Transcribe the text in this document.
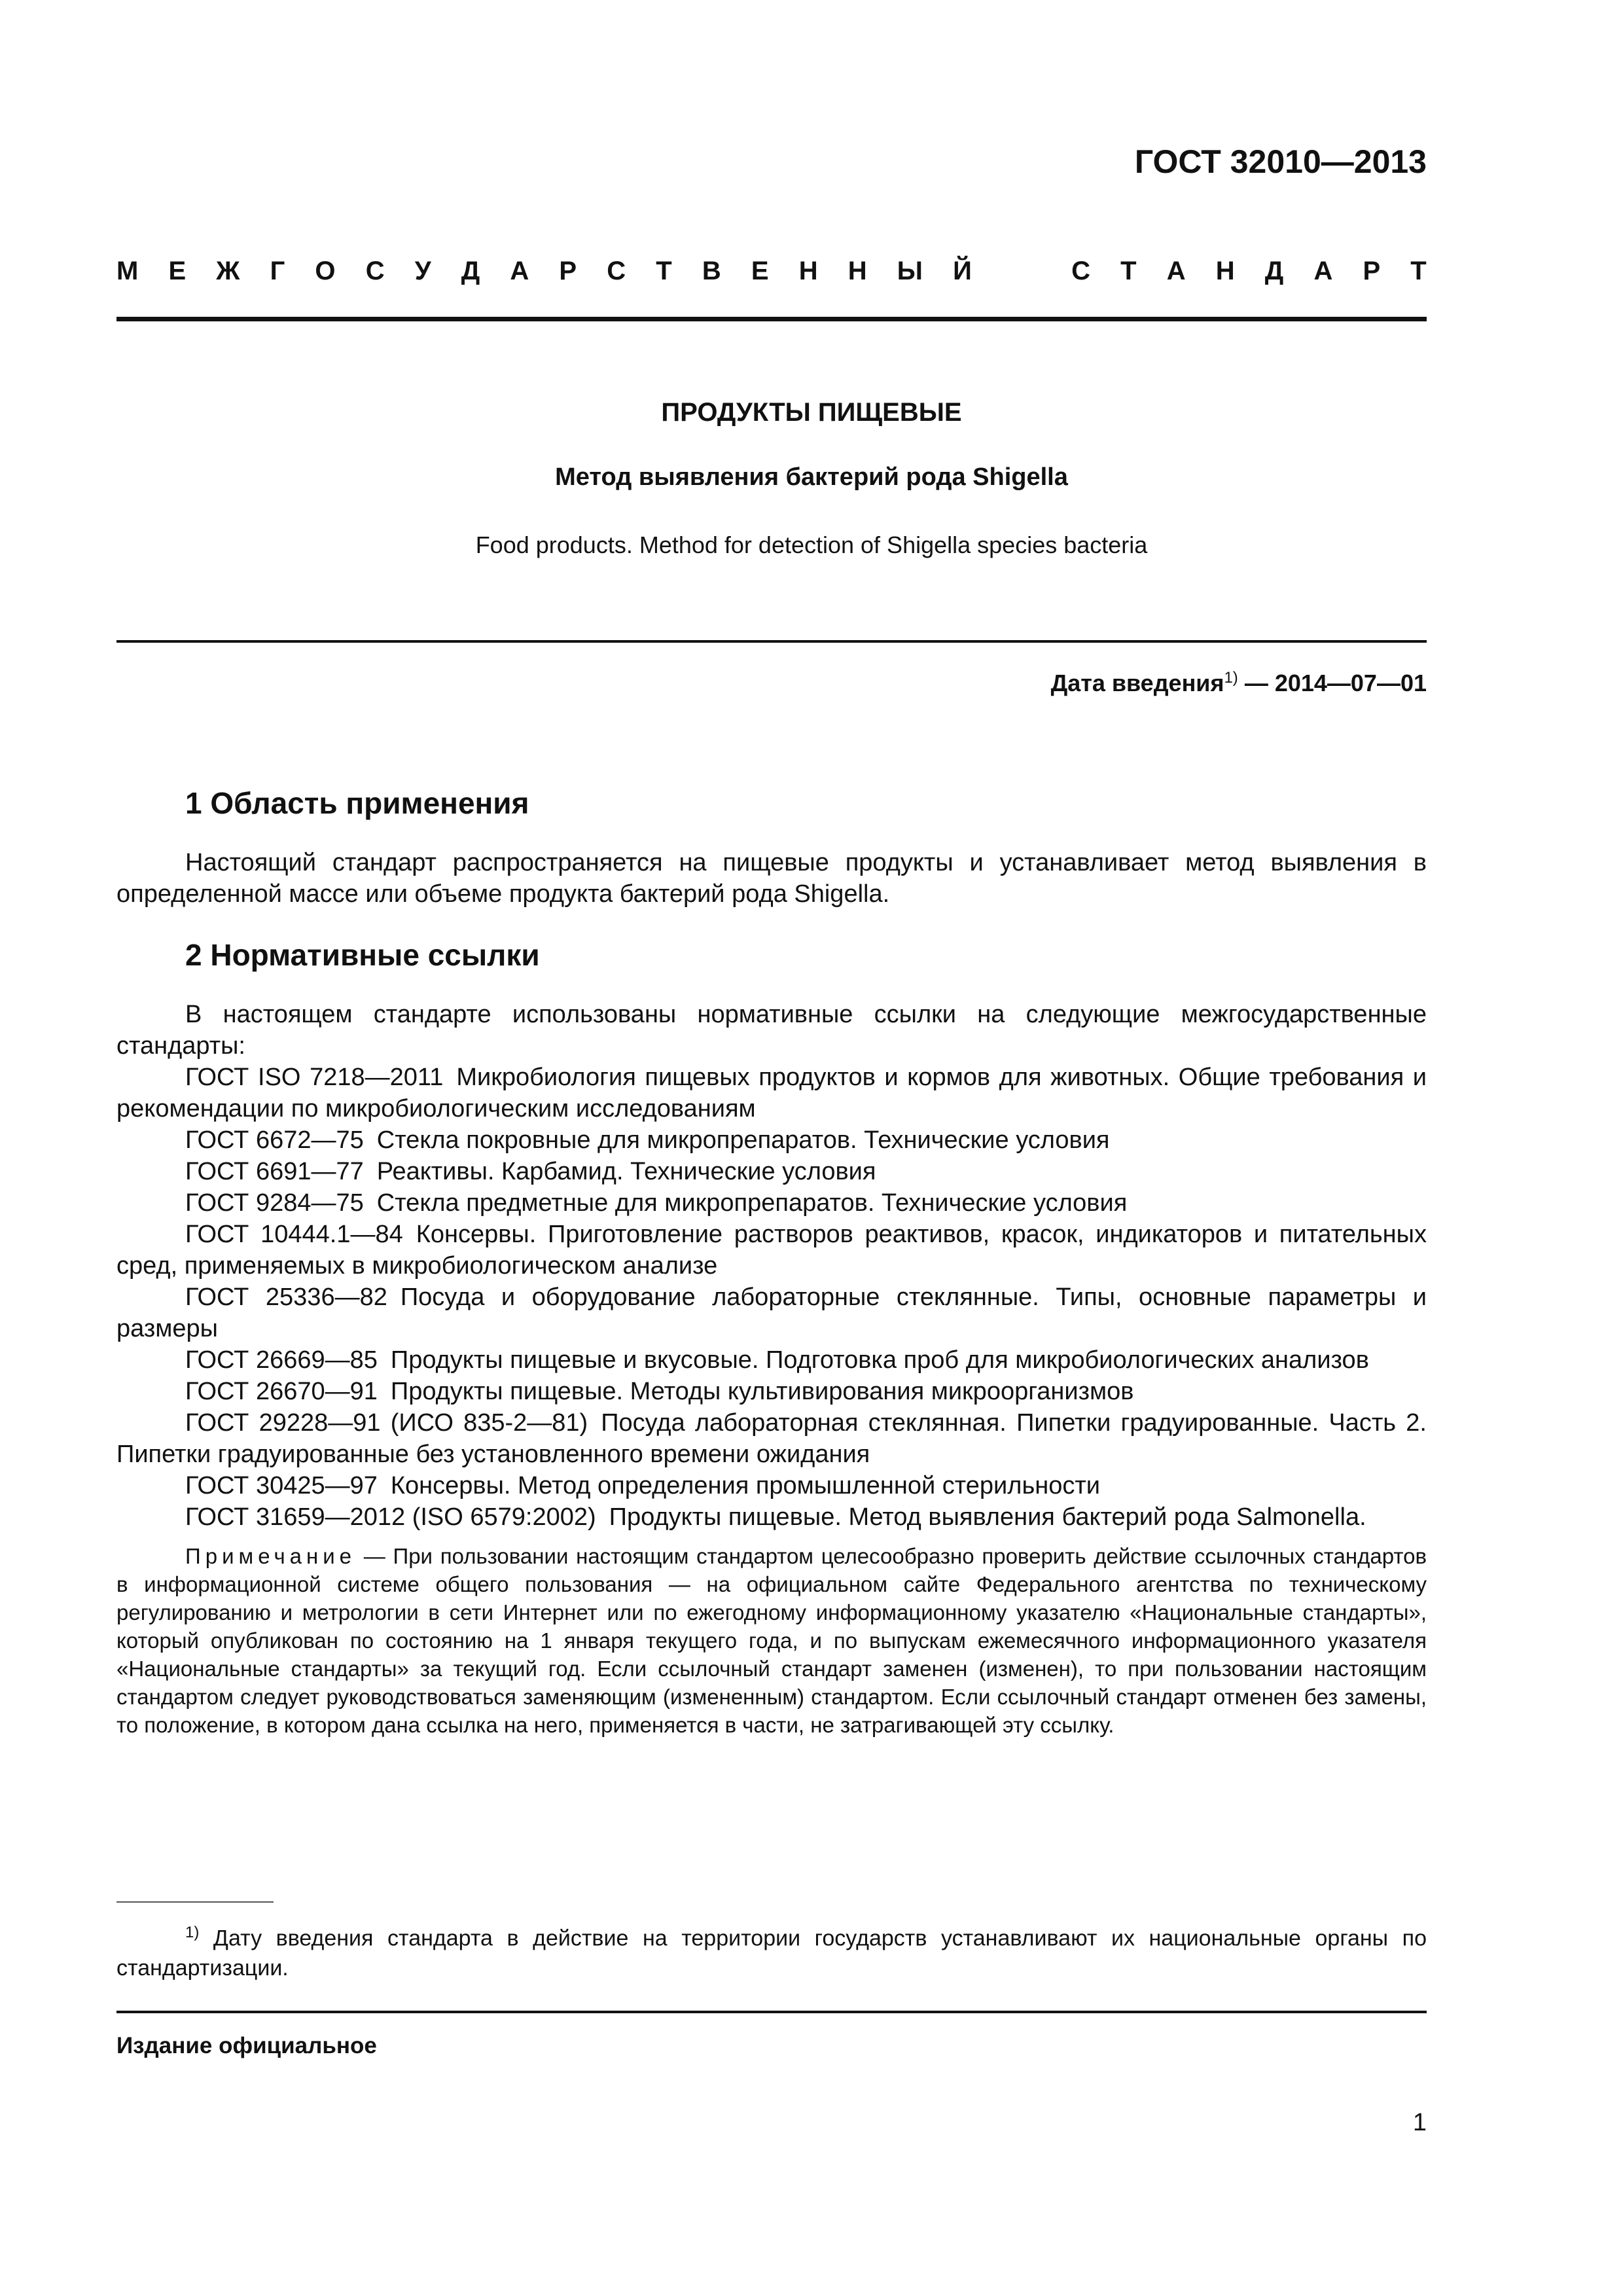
ГОСТ 32010—2013

М Е Ж Г О С У Д А Р С Т В Е Н Н Ы Й	С Т А Н Д А Р Т

ПРОДУКТЫ ПИЩЕВЫЕ

Метод выявления бактерий рода Shigella

Food products. Method for detection of Shigella species bacteria

Дата введения$^{1)}$ — 2014—07—01
1 Область применения

Настоящий стандарт распространяется на пищевые продукты и устанавливает метод выявления в определенной массе или объеме продукта бактерий рода Shigella.

2 Нормативные ссылки

В настоящем стандарте использованы нормативные ссылки на следующие межгосударственные стандарты:

ГОСТ ISO 7218—2011 Микробиология пищевых продуктов и кормов для животных. Общие требования и рекомендации по микробиологическим исследованиям

ГОСТ 6672—75 Стекла покровные для микропрепаратов. Технические условия

ГОСТ 6691—77 Реактивы. Карбамид. Технические условия

ГОСТ 9284—75 Стекла предметные для микропрепаратов. Технические условия

ГОСТ 10444.1—84 Консервы. Приготовление растворов реактивов, красок, индикаторов и питательных сред, применяемых в микробиологическом анализе

ГОСТ 25336—82 Посуда и оборудование лабораторные стеклянные. Типы, основные параметры и размеры

ГОСТ 26669—85 Продукты пищевые и вкусовые. Подготовка проб для микробиологических анализов

ГОСТ 26670—91 Продукты пищевые. Методы культивирования микроорганизмов

ГОСТ 29228—91 (ИСО 835-2—81) Посуда лабораторная стеклянная. Пипетки градуированные. Часть 2. Пипетки градуированные без установленного времени ожидания

ГОСТ 30425—97 Консервы. Метод определения промышленной стерильности

ГОСТ 31659—2012 (ISO 6579:2002) Продукты пищевые. Метод выявления бактерий рода Salmonella.

Примечание — При пользовании настоящим стандартом целесообразно проверить действие ссылочных стандартов в информационной системе общего пользования — на официальном сайте Федерального агентства по техническому регулированию и метрологии в сети Интернет или по ежегодному информационному указателю «Национальные стандарты», который опубликован по состоянию на 1 января текущего года, и по выпускам ежемесячного информационного указателя «Национальные стандарты» за текущий год. Если ссылочный стандарт заменен (изменен), то при пользовании настоящим стандартом следует руководствоваться заменяющим (измененным) стандартом. Если ссылочный стандарт отменен без замены, то положение, в котором дана ссылка на него, применяется в части, не затрагивающей эту ссылку.

$^{1)}$ Дату введения стандарта в действие на территории государств устанавливают их национальные органы по стандартизации.

Издание официальное

1
